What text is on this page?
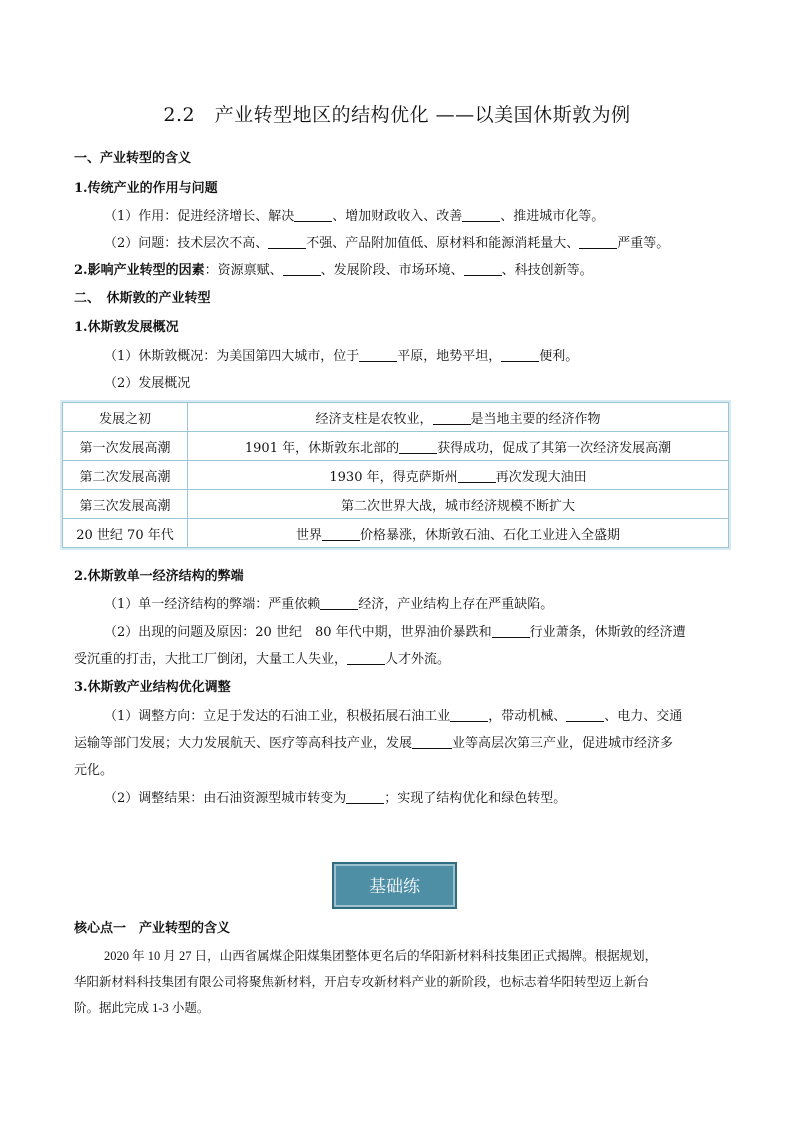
2.2　产业转型地区的结构优化 ——以美国休斯敦为例
一、产业转型的含义
1.传统产业的作用与问题
（1）作用：促进经济增长、解决	、增加财政收入、改善	、推进城市化等。
（2）问题：技术层次不高、	不强、产品附加值低、原材料和能源消耗量大、	严重等。
2.影响产业转型的因素：资源禀赋、	、发展阶段、市场环境、	、科技创新等。
二、　休斯敦的产业转型
1.休斯敦发展概况
（1）休斯敦概况：为美国第四大城市，位于	平原，地势平坦，	便利。
（2）发展概况
发展之初	经济支柱是农牧业， 是当地主要的经济作物
第一次发展高潮	1901 年，休斯敦东北部的 获得成功，促成了其第一次经济发展高潮
第二次发展高潮	1930 年，得克萨斯州 再次发现大油田
第三次发展高潮	第二次世界大战，城市经济规模不断扩大
20 世纪 70 年代	世界 价格暴涨，休斯敦石油、石化工业进入全盛期
2.休斯敦单一经济结构的弊端
（1）单一经济结构的弊端：严重依赖	经济，产业结构上存在严重缺陷。
（2）出现的问题及原因：20 世纪　80 年代中期，世界油价暴跌和	行业萧条，休斯敦的经济遭
受沉重的打击，大批工厂倒闭，大量工人失业，	人才外流。
3.休斯敦产业结构优化调整
（1）调整方向：立足于发达的石油工业，积极拓展石油工业	，带动机械、	、电力、交通
运输等部门发展；大力发展航天、医疗等高科技产业，发展	业等高层次第三产业，促进城市经济多
元化。
（2）调整结果：由石油资源型城市转变为	；实现了结构优化和绿色转型。
基础练
核心点一　产业转型的含义
2020 年 10 月 27 日，山西省属煤企阳煤集团整体更名后的华阳新材料科技集团正式揭牌。根据规划，
华阳新材料科技集团有限公司将聚焦新材料，开启专攻新材料产业的新阶段，也标志着华阳转型迈上新台
阶。据此完成 1-3 小题。
